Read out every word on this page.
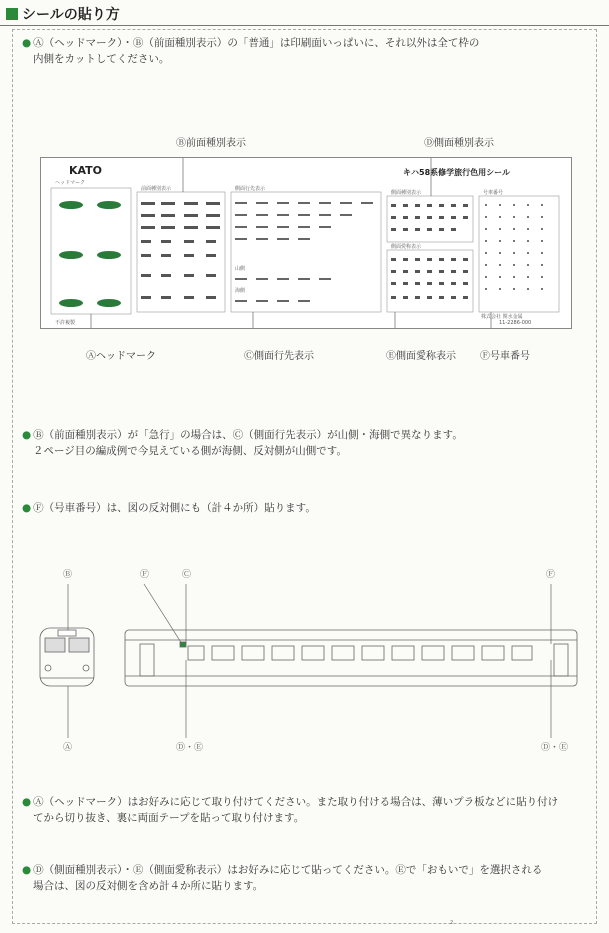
シールの貼り方
● Ⓐ（ヘッドマーク）・Ⓑ（前面種別表示）の「普通」は印刷面いっぱいに、それ以外は全て枠の
内側をカットしてください。
Ⓑ前面種別表示	Ⓓ側面種別表示
KATO	キハ58系修学旅行色用シール
ヘッドマーク
不許複製
前面種別表示	側面行先表示
山側
海側
側面種別表示
側面愛称表示
号車番号
株式会社 関水金属
11-2286-000
Ⓐヘッドマーク	Ⓒ側面行先表示	Ⓔ側面愛称表示 Ⓕ号車番号
● Ⓑ（前面種別表示）が「急行」の場合は、Ⓒ（側面行先表示）が山側・海側で異なります。
２ページ目の編成例で今見えている側が海側、反対側が山側です。
● Ⓕ（号車番号）は、図の反対側にも（計４か所）貼ります。
Ⓑ	Ⓕ	Ⓒ	Ⓕ
Ⓐ	Ⓓ・Ⓔ	Ⓓ・Ⓔ
● Ⓐ（ヘッドマーク）はお好みに応じて取り付けてください。また取り付ける場合は、薄いプラ板などに貼り付け
てから切り抜き、裏に両面テープを貼って取り付けます。
● Ⓓ（側面種別表示）・Ⓔ（側面愛称表示）はお好みに応じて貼ってください。Ⓔで「おもいで」を選択される
場合は、図の反対側を含め計４か所に貼ります。
2
